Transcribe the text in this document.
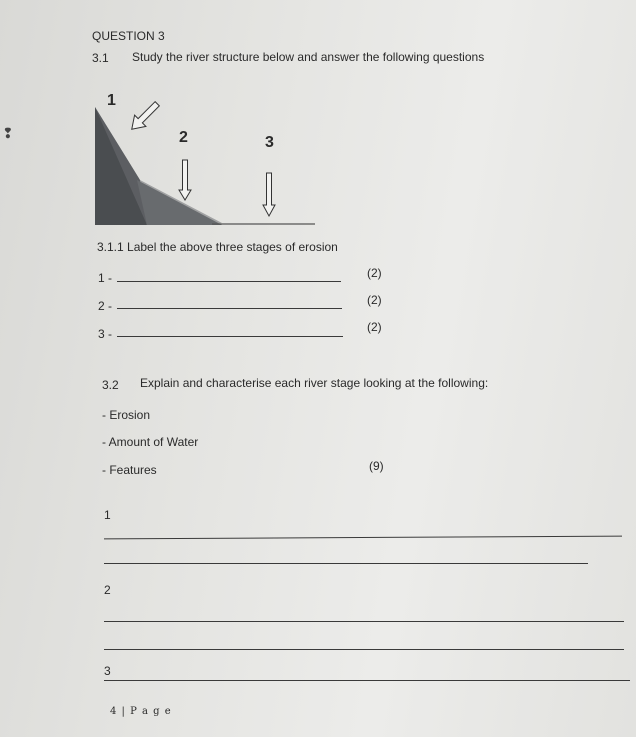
❢
QUESTION 3
3.1 Study the river structure below and answer the following questions
1
2	3
3.1.1 Label the above three stages of erosion
1 -	(2)
2 -	(2)
3 -	(2)
3.2 Explain and characterise each river stage looking at the following:
- Erosion
- Amount of Water
- Features	(9)
1
2
3
4 | P a g e
